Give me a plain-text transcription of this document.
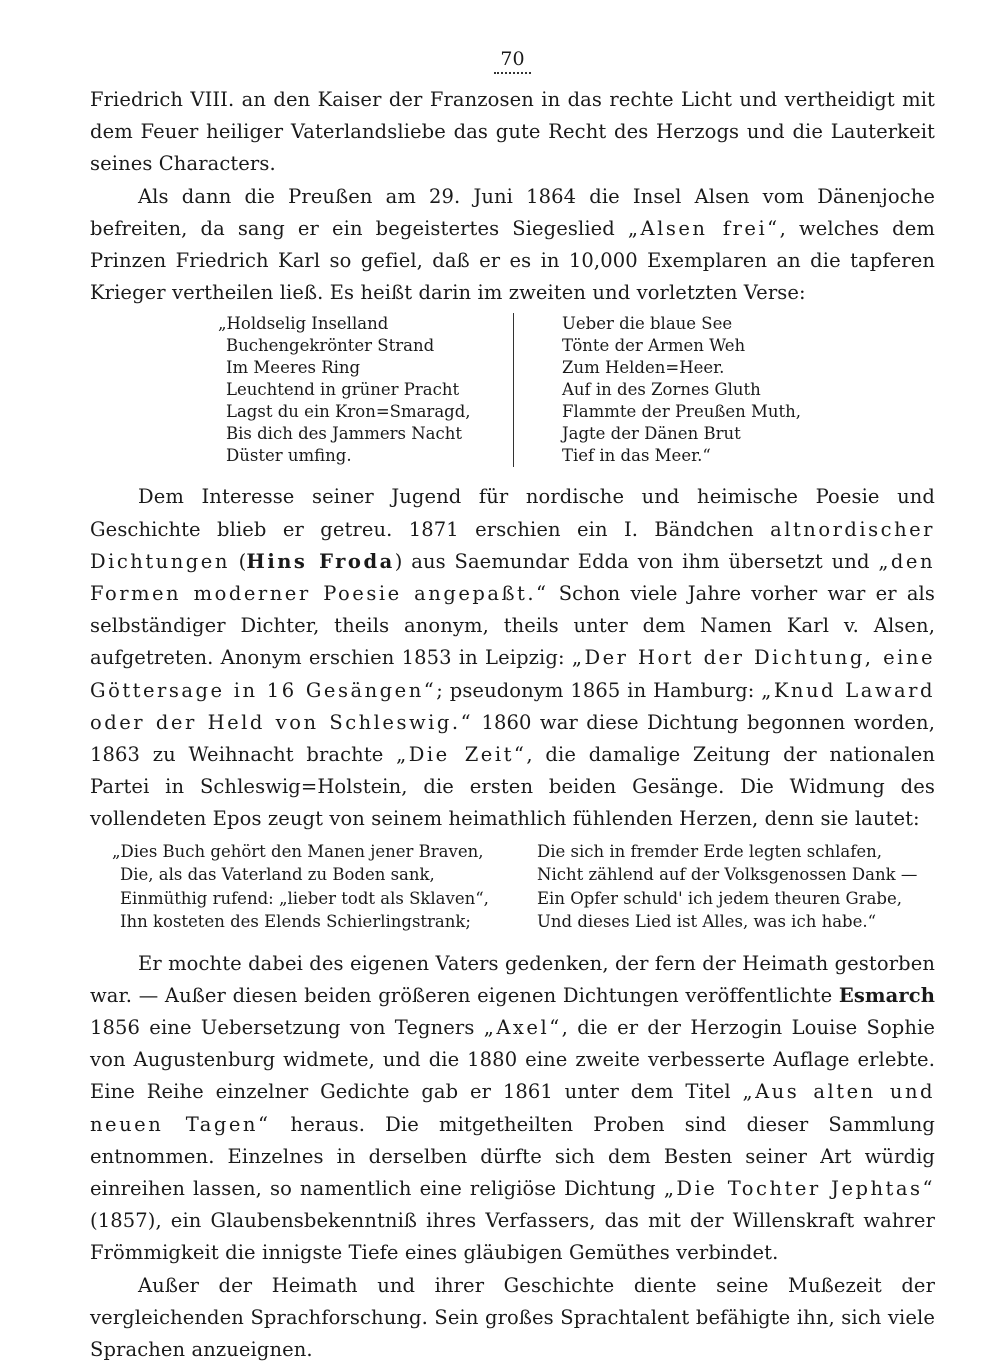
70

Friedrich VIII. an den Kaiser der Franzosen in das rechte Licht und vertheidigt mit dem Feuer heiliger Vaterlandsliebe das gute Recht des Herzogs und die Lauterkeit seines Characters.

Als dann die Preußen am 29. Juni 1864 die Insel Alsen vom Dänenjoche befreiten, da sang er ein begeistertes Siegeslied „Alsen frei“, welches dem Prinzen Friedrich Karl so gefiel, daß er es in 10,000 Exemplaren an die tapferen Krieger vertheilen ließ. Es heißt darin im zweiten und vorletzten Verse:

„Holdselig Inselland
Buchengekrönter Strand
Im Meeres Ring
Leuchtend in grüner Pracht
Lagst du ein Kron=Smaragd,
Bis dich des Jammers Nacht
Düster umfing.
Ueber die blaue See
Tönte der Armen Weh
Zum Helden=Heer.
Auf in des Zornes Gluth
Flammte der Preußen Muth,
Jagte der Dänen Brut
Tief in das Meer.“

Dem Interesse seiner Jugend für nordische und heimische Poesie und Geschichte blieb er getreu. 1871 erschien ein I. Bändchen altnordischer Dichtungen (Hins Froda) aus Saemundar Edda von ihm übersetzt und „den Formen moderner Poesie angepaßt.“ Schon viele Jahre vorher war er als selbständiger Dichter, theils anonym, theils unter dem Namen Karl v. Alsen, aufgetreten. Anonym erschien 1853 in Leipzig: „Der Hort der Dichtung, eine Göttersage in 16 Gesängen“; pseudonym 1865 in Hamburg: „Knud Laward oder der Held von Schleswig.“ 1860 war diese Dichtung begonnen worden, 1863 zu Weihnacht brachte „Die Zeit“, die damalige Zeitung der nationalen Partei in Schleswig=Holstein, die ersten beiden Gesänge. Die Widmung des vollendeten Epos zeugt von seinem heimathlich fühlenden Herzen, denn sie lautet:

„Dies Buch gehört den Manen jener Braven,
Die, als das Vaterland zu Boden sank,
Einmüthig rufend: „lieber todt als Sklaven“,
Ihn kosteten des Elends Schierlingstrank;
Die sich in fremder Erde legten schlafen,
Nicht zählend auf der Volksgenossen Dank —
Ein Opfer schuld' ich jedem theuren Grabe,
Und dieses Lied ist Alles, was ich habe.“

Er mochte dabei des eigenen Vaters gedenken, der fern der Heimath gestorben war. — Außer diesen beiden größeren eigenen Dichtungen veröffentlichte Esmarch 1856 eine Uebersetzung von Tegners „Axel“, die er der Herzogin Louise Sophie von Augustenburg widmete, und die 1880 eine zweite verbesserte Auflage erlebte. Eine Reihe einzelner Gedichte gab er 1861 unter dem Titel „Aus alten und neuen Tagen“ heraus. Die mitgetheilten Proben sind dieser Sammlung entnommen. Einzelnes in derselben dürfte sich dem Besten seiner Art würdig einreihen lassen, so namentlich eine religiöse Dichtung „Die Tochter Jephtas“ (1857), ein Glaubensbekenntniß ihres Verfassers, das mit der Willenskraft wahrer Frömmigkeit die innigste Tiefe eines gläubigen Gemüthes verbindet.

Außer der Heimath und ihrer Geschichte diente seine Mußezeit der vergleichenden Sprachforschung. Sein großes Sprachtalent befähigte ihn, sich viele Sprachen anzueignen.
